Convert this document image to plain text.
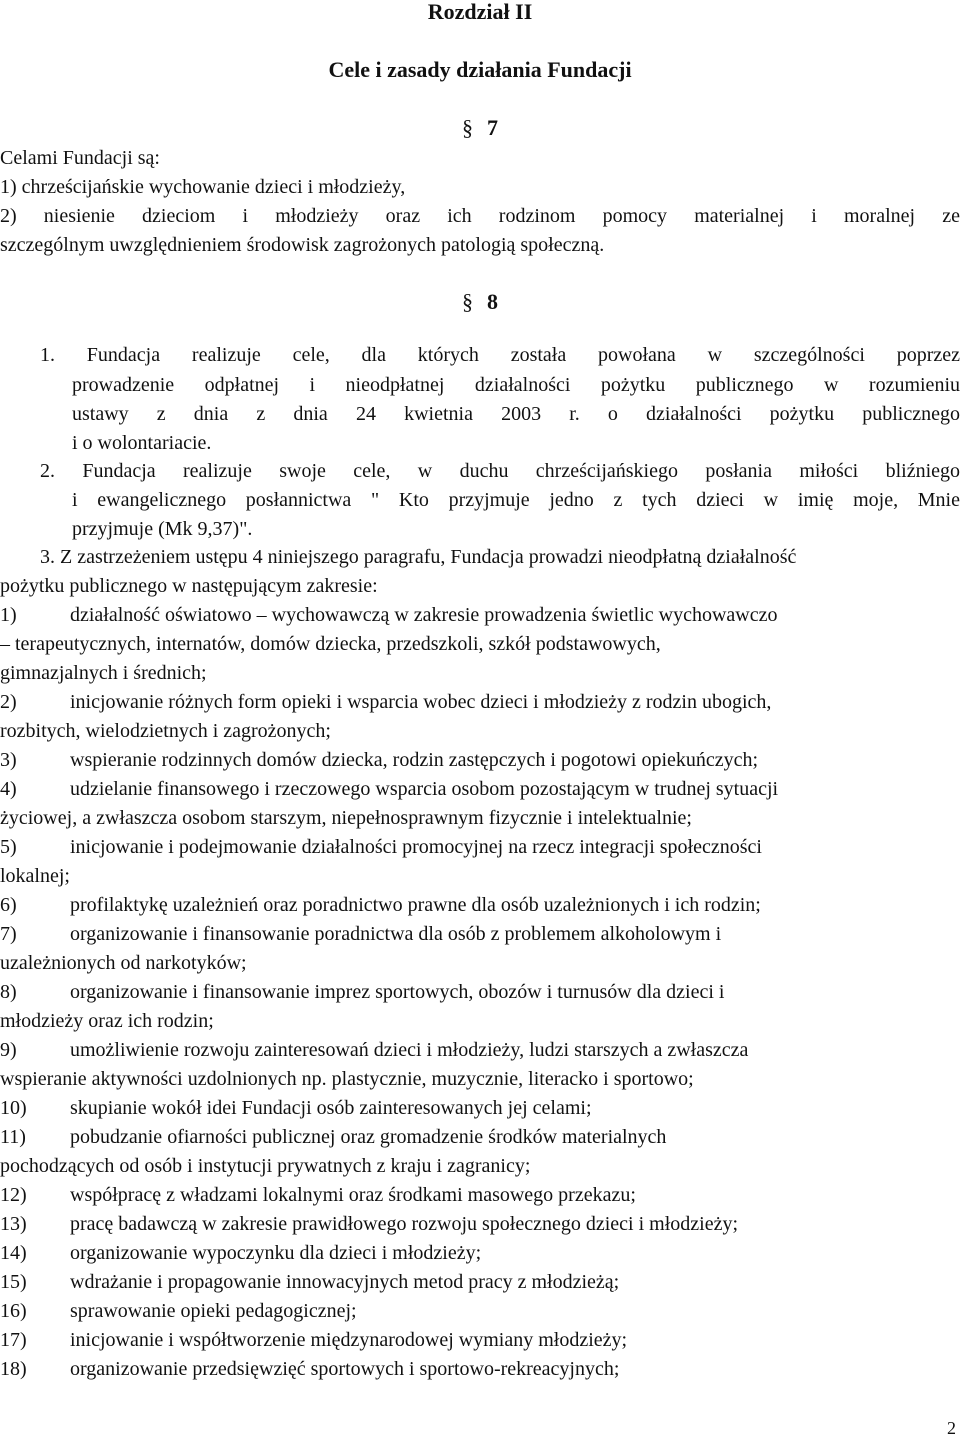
Rozdział II

Cele i zasady działania Fundacji

§ 7

Celami Fundacji są:

1) chrześcijańskie wychowanie dzieci i młodzieży,

2) niesienie dzieciom i młodzieży oraz ich rodzinom pomocy materialnej i moralnej ze

szczególnym uwzględnieniem środowisk zagrożonych patologią społeczną.

§ 8

1. Fundacja realizuje cele, dla których została powołana w szczególności poprzez

prowadzenie odpłatnej i nieodpłatnej działalności pożytku publicznego w rozumieniu

ustawy z dnia z dnia 24 kwietnia 2003 r. o działalności pożytku publicznego

i o wolontariacie.

2. Fundacja realizuje swoje cele, w duchu chrześcijańskiego posłania miłości bliźniego

i ewangelicznego posłannictwa " Kto przyjmuje jedno z tych dzieci w imię moje, Mnie

przyjmuje (Mk 9,37)".

3. Z zastrzeżeniem ustępu 4 niniejszego paragrafu, Fundacja prowadzi nieodpłatną działalność

pożytku publicznego w następującym zakresie:

1)	działalność oświatowo – wychowawczą w zakresie prowadzenia świetlic wychowawczo

– terapeutycznych, internatów, domów dziecka, przedszkoli, szkół podstawowych,

gimnazjalnych i średnich;

2)	inicjowanie różnych form opieki i wsparcia wobec dzieci i młodzieży z rodzin ubogich,

rozbitych, wielodzietnych i zagrożonych;

3)	wspieranie rodzinnych domów dziecka, rodzin zastępczych i pogotowi opiekuńczych;

4)	udzielanie finansowego i rzeczowego wsparcia osobom pozostającym w trudnej sytuacji

życiowej, a zwłaszcza osobom starszym, niepełnosprawnym fizycznie i intelektualnie;

5)	inicjowanie i podejmowanie działalności promocyjnej na rzecz integracji społeczności

lokalnej;

6)	profilaktykę uzależnień oraz poradnictwo prawne dla osób uzależnionych i ich rodzin;

7)	organizowanie i finansowanie poradnictwa dla osób z problemem alkoholowym i

uzależnionych od narkotyków;

8)	organizowanie i finansowanie imprez sportowych, obozów i turnusów dla dzieci i

młodzieży oraz ich rodzin;

9)	umożliwienie rozwoju zainteresowań dzieci i młodzieży, ludzi starszych a zwłaszcza

wspieranie aktywności uzdolnionych np. plastycznie, muzycznie, literacko i sportowo;

10) skupianie wokół idei Fundacji osób zainteresowanych jej celami;

11) pobudzanie ofiarności publicznej oraz gromadzenie środków materialnych

pochodzących od osób i instytucji prywatnych z kraju i zagranicy;

12) współpracę z władzami lokalnymi oraz środkami masowego przekazu;

13) pracę badawczą w zakresie prawidłowego rozwoju społecznego dzieci i młodzieży;

14) organizowanie wypoczynku dla dzieci i młodzieży;

15) wdrażanie i propagowanie innowacyjnych metod pracy z młodzieżą;

16) sprawowanie opieki pedagogicznej;

17) inicjowanie i współtworzenie międzynarodowej wymiany młodzieży;

18) organizowanie przedsięwzięć sportowych i sportowo-rekreacyjnych;

2
